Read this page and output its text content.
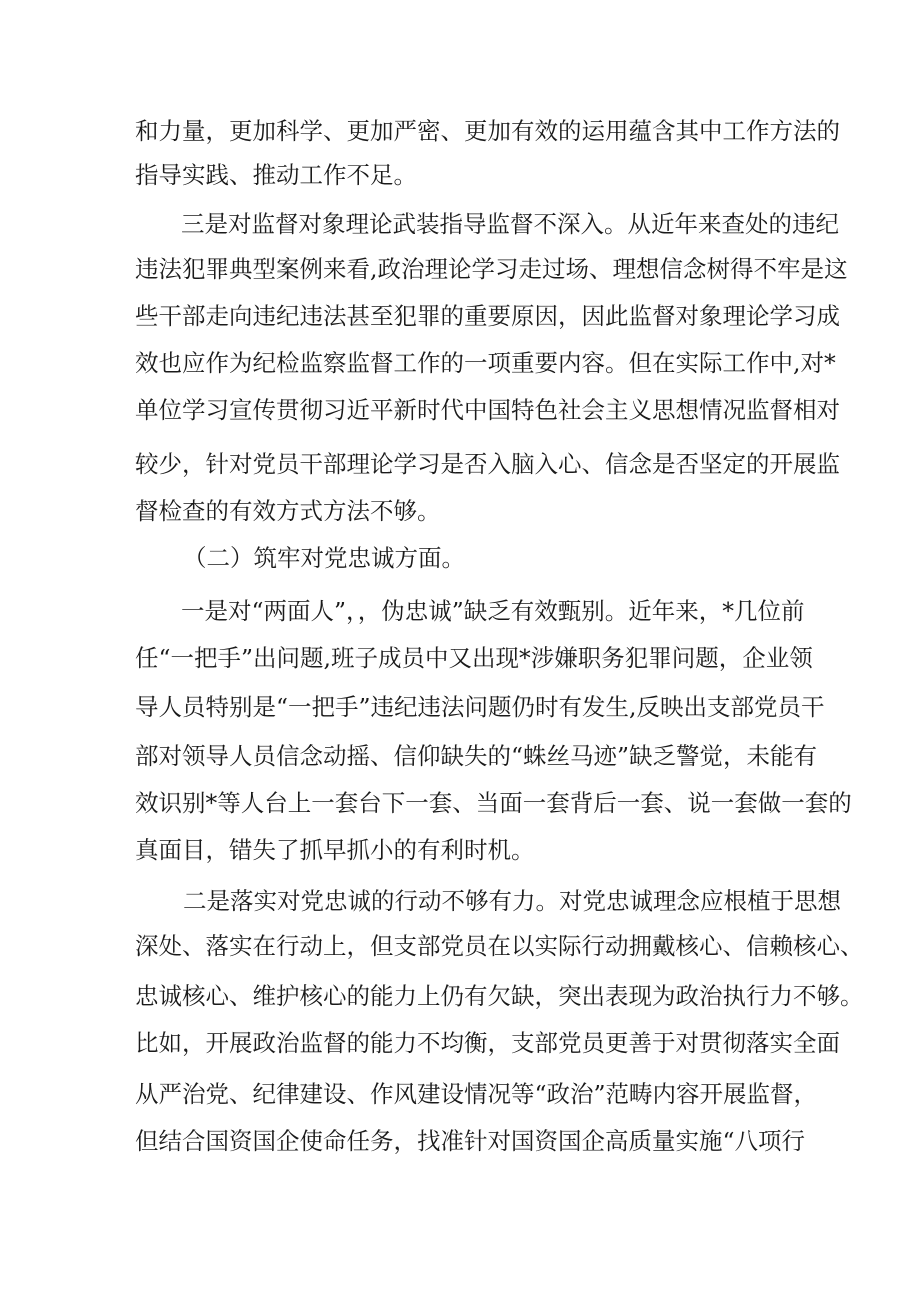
和力量，更加科学、更加严密、更加有效的运用蕴含其中工作方法的
指导实践、推动工作不足。
三是对监督对象理论武装指导监督不深入。从近年来查处的违纪
违法犯罪典型案例来看,政治理论学习走过场、理想信念树得不牢是这
些干部走向违纪违法甚至犯罪的重要原因，因此监督对象理论学习成
效也应作为纪检监察监督工作的一项重要内容。但在实际工作中,对*
单位学习宣传贯彻习近平新时代中国特色社会主义思想情况监督相对
较少，针对党员干部理论学习是否入脑入心、信念是否坚定的开展监
督检查的有效方式方法不够。
（二）筑牢对党忠诚方面。
一是对“两面人”，，伪忠诚”缺乏有效甄别。近年来，*几位前
任“一把手”出问题,班子成员中又出现*涉嫌职务犯罪问题，企业领
导人员特别是“一把手”违纪违法问题仍时有发生,反映出支部党员干
部对领导人员信念动摇、信仰缺失的“蛛丝马迹”缺乏警觉，未能有
效识别*等人台上一套台下一套、当面一套背后一套、说一套做一套的
真面目，错失了抓早抓小的有利时机。
二是落实对党忠诚的行动不够有力。对党忠诚理念应根植于思想
深处、落实在行动上，但支部党员在以实际行动拥戴核心、信赖核心、
忠诚核心、维护核心的能力上仍有欠缺，突出表现为政治执行力不够。
比如，开展政治监督的能力不均衡，支部党员更善于对贯彻落实全面
从严治党、纪律建设、作风建设情况等“政治”范畴内容开展监督，
但结合国资国企使命任务，找准针对国资国企高质量实施“八项行
